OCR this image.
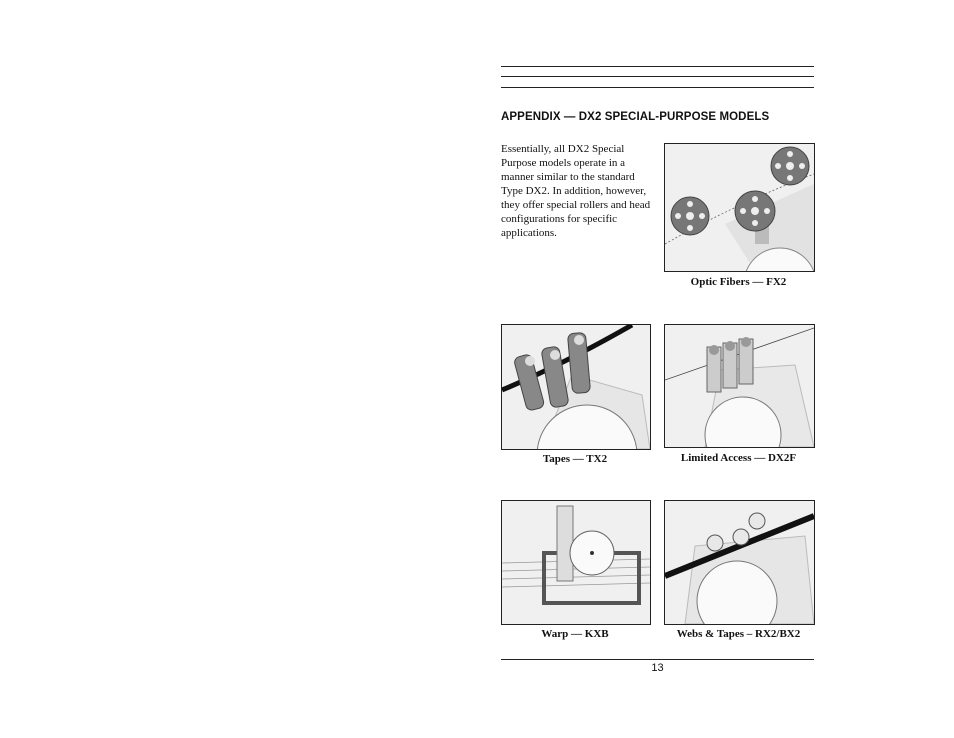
APPENDIX — DX2 SPECIAL-PURPOSE MODELS
Essentially, all DX2 Special Purpose models operate in a manner similar to the standard Type DX2. In addition, however, they offer special rollers and head configurations for specific applications.
Optic Fibers — FX2
Tapes — TX2	Limited Access — DX2F
Warp — KXB	Webs & Tapes – RX2/BX2
13
